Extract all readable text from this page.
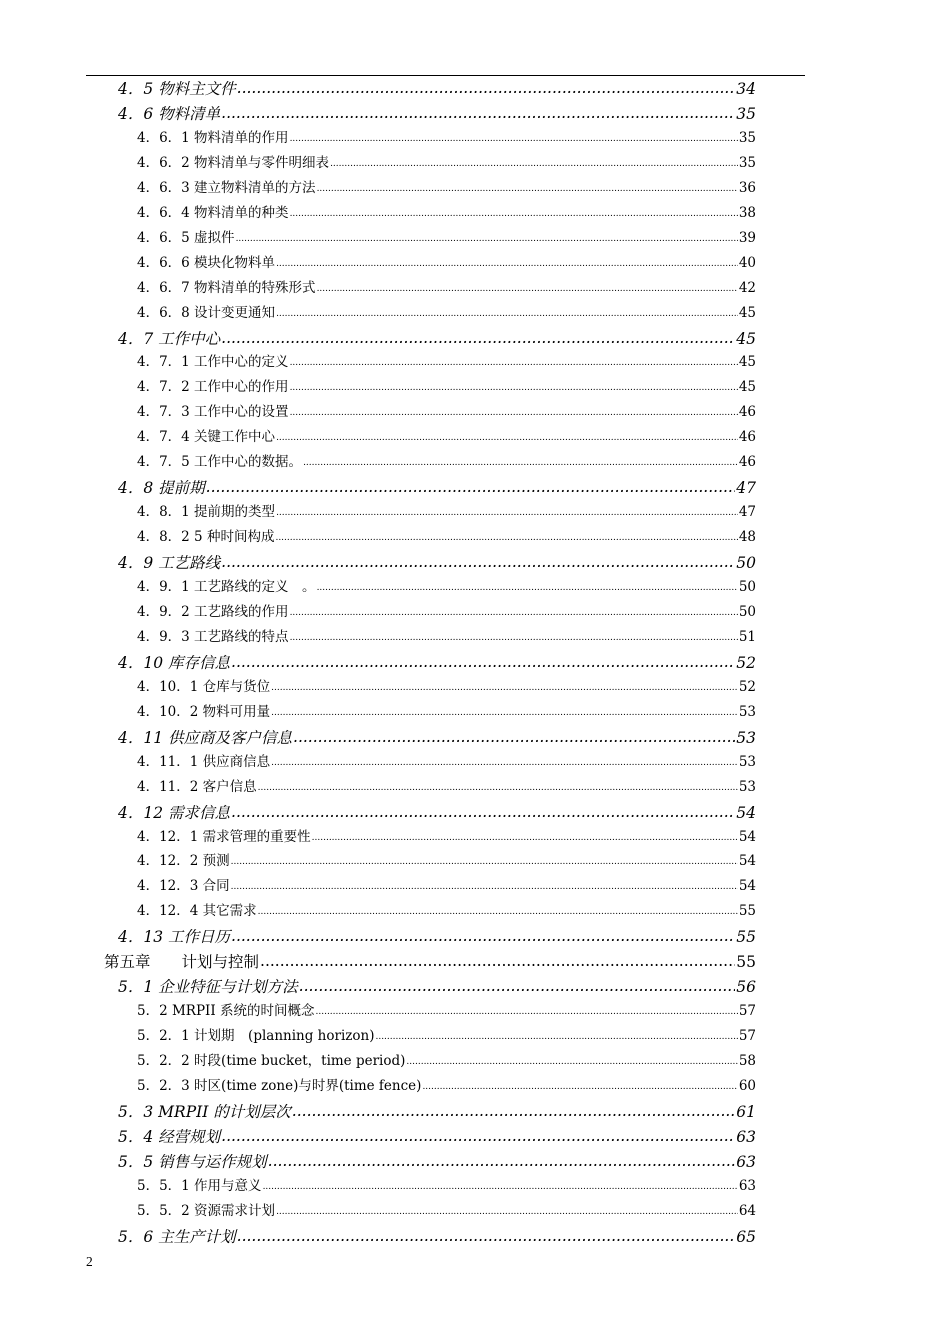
4．5 物料主文件 .....	34
4．6 物料清单 .....	35
4．6．1 物料清单的作用 .....	35
4．6．2 物料清单与零件明细表 .....	35
4．6．3 建立物料清单的方法 .....	36
4．6．4 物料清单的种类 .....	38
4．6．5 虚拟件 .....	39
4．6．6 模块化物料单 .....	40
4．6．7 物料清单的特殊形式 .....	42
4．6．8 设计变更通知 .....	45
4．7 工作中心 .....	45
4．7．1 工作中心的定义 .....	45
4．7．2 工作中心的作用 .....	45
4．7．3 工作中心的设置 .....	46
4．7．4 关键工作中心 .....	46
4．7．5 工作中心的数据。 .....	46
4．8 提前期 .....	47
4．8．1 提前期的类型 .....	47
4．8．2 5 种时间构成 .....	48
4．9 工艺路线 .....	50
4．9．1 工艺路线的定义　。 .....	50
4．9．2 工艺路线的作用 .....	50
4．9．3 工艺路线的特点 .....	51
4．10 库存信息 .....	52
4．10．1 仓库与货位 .....	52
4．10．2 物料可用量 .....	53
4．11 供应商及客户信息 .....	53
4．11．1 供应商信息 .....	53
4．11．2 客户信息 .....	53
4．12 需求信息 .....	54
4．12．1 需求管理的重要性 .....	54
4．12．2 预测 .....	54
4．12．3 合同 .....	54
4．12．4 其它需求 .....	55
4．13 工作日历 .....	55
第五章　　计划与控制 .....	55
5．1 企业特征与计划方法 .....	56
5．2 MRPII 系统的时间概念 .....	57
5．2．1 计划期　(planning horizon) .....	57
5．2．2 时段(time bucket，time period) .....	58
5．2．3 时区(time zone)与时界(time fence) .....	60
5．3 MRPII 的计划层次 .....	61
5．4 经营规划 .....	63
5．5 销售与运作规划 .....	63
5．5．1 作用与意义 .....	63
5．5．2 资源需求计划 .....	64
5．6 主生产计划 .....	65
2
